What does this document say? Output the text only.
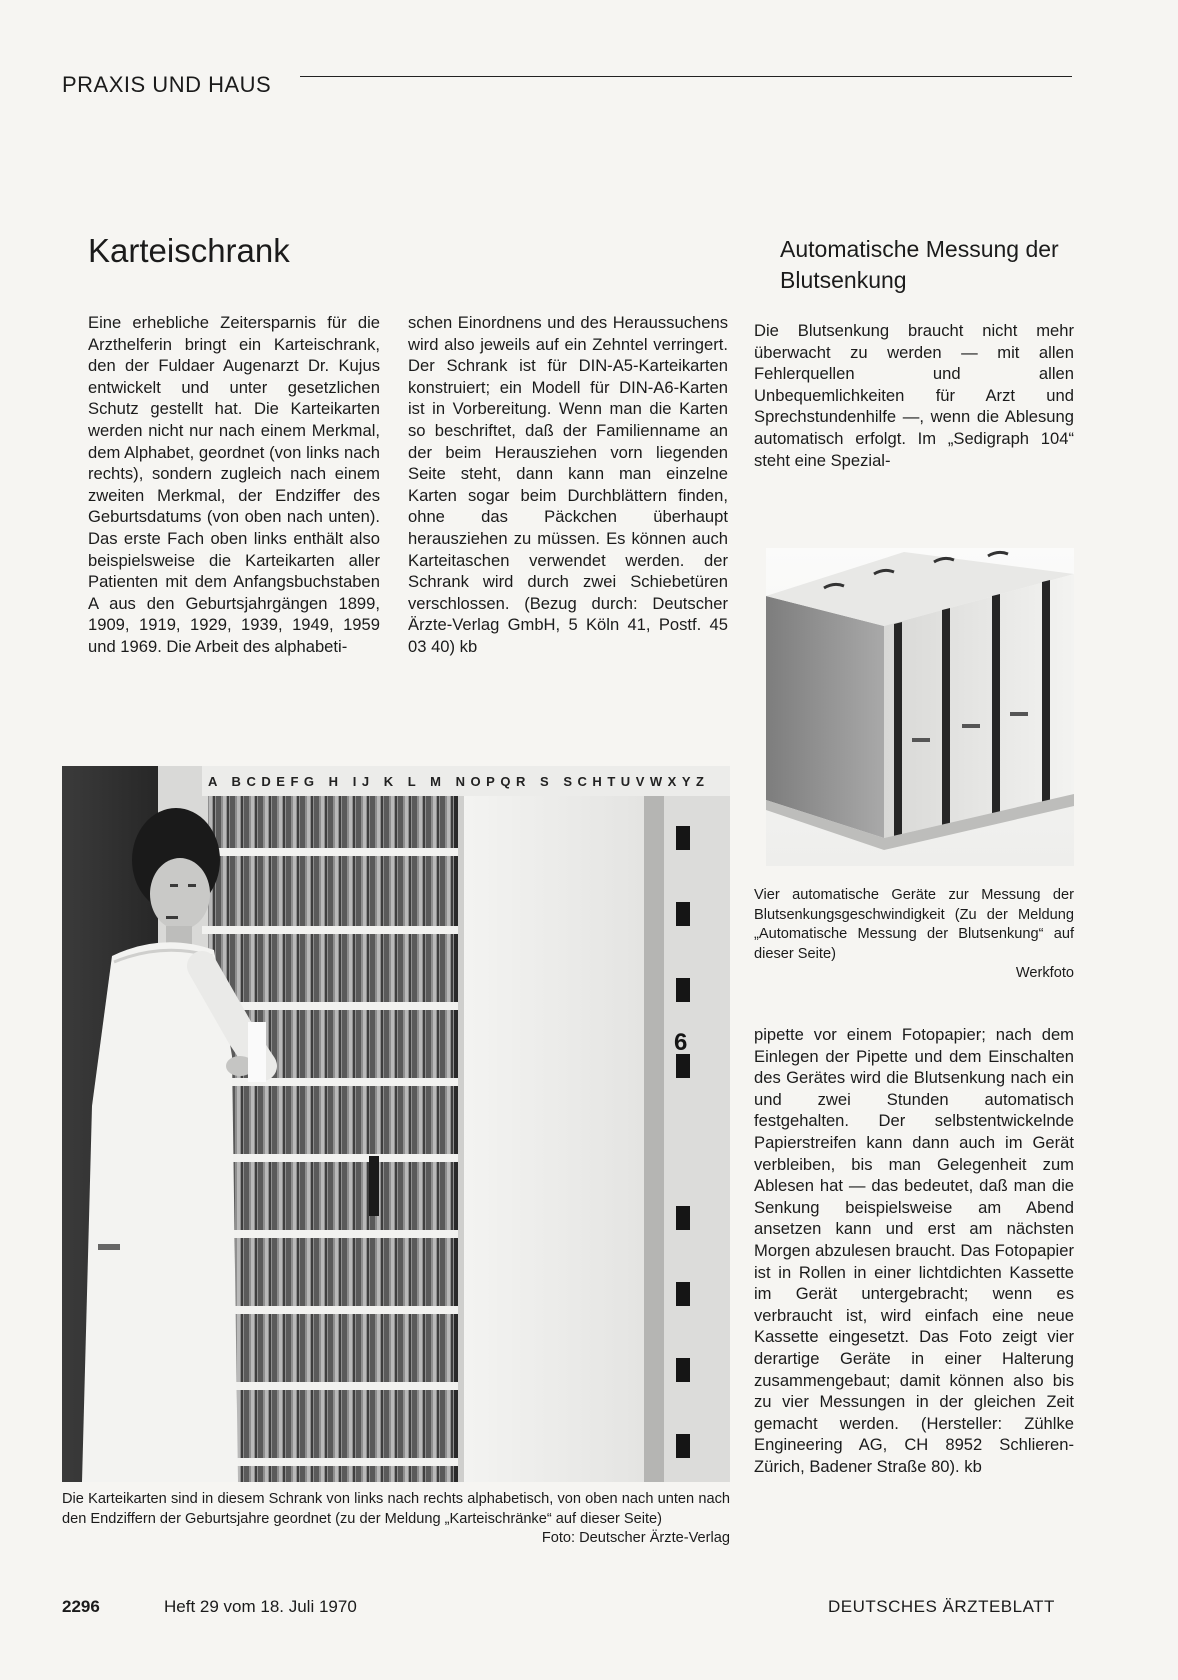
PRAXIS UND HAUS
Karteischrank

Eine erhebliche Zeitersparnis für die Arzthelferin bringt ein Karteischrank, den der Fuldaer Augenarzt Dr. Kujus entwickelt und unter gesetzlichen Schutz gestellt hat. Die Karteikarten werden nicht nur nach einem Merkmal, dem Alphabet, geordnet (von links nach rechts), sondern zugleich nach einem zweiten Merkmal, der Endziffer des Geburtsdatums (von oben nach unten). Das erste Fach oben links enthält also beispielsweise die Karteikarten aller Patienten mit dem Anfangsbuchstaben A aus den Geburtsjahrgängen 1899, 1909, 1919, 1929, 1939, 1949, 1959 und 1969. Die Arbeit des alphabeti-

schen Einordnens und des Heraussuchens wird also jeweils auf ein Zehntel verringert. Der Schrank ist für DIN-A5-Karteikarten konstruiert; ein Modell für DIN-A6-Karten ist in Vorbereitung. Wenn man die Karten so beschriftet, daß der Familienname an der beim Herausziehen vorn liegenden Seite steht, dann kann man einzelne Karten sogar beim Durchblättern finden, ohne das Päckchen überhaupt herausziehen zu müssen. Es können auch Karteitaschen verwendet werden. der Schrank wird durch zwei Schiebetüren verschlossen. (Bezug durch: Deutscher Ärzte-Verlag GmbH, 5 Köln 41, Postf. 45 03 40) kb

Automatische Messung der Blutsenkung

Die Blutsenkung braucht nicht mehr überwacht zu werden — mit allen Fehlerquellen und allen Unbequemlichkeiten für Arzt und Sprechstundenhilfe —, wenn die Ablesung automatisch erfolgt. Im „Sedigraph 104“ steht eine Spezial-

Vier automatische Geräte zur Messung der Blutsenkungsgeschwindigkeit (Zu der Meldung „Automatische Messung der Blutsenkung“ auf dieser Seite)
Werkfoto

pipette vor einem Fotopapier; nach dem Einlegen der Pipette und dem Einschalten des Gerätes wird die Blutsenkung nach ein und zwei Stunden automatisch festgehalten. Der selbstentwickelnde Papierstreifen kann dann auch im Gerät verbleiben, bis man Gelegenheit zum Ablesen hat — das bedeutet, daß man die Senkung beispielsweise am Abend ansetzen kann und erst am nächsten Morgen abzulesen braucht. Das Fotopapier ist in Rollen in einer lichtdichten Kassette im Gerät untergebracht; wenn es verbraucht ist, wird einfach eine neue Kassette eingesetzt. Das Foto zeigt vier derartige Geräte in einer Halterung zusammengebaut; damit können also bis zu vier Messungen in der gleichen Zeit gemacht werden. (Hersteller: Zühlke Engineering AG, CH 8952 Schlieren-Zürich, Badener Straße 80). kb

A BCDEFG H IJ K L M NOPQR S SCHTUVWXYZ
6

Die Karteikarten sind in diesem Schrank von links nach rechts alphabetisch, von oben nach unten nach den Endziffern der Geburtsjahre geordnet (zu der Meldung „Karteischränke“ auf dieser Seite)
Foto: Deutscher Ärzte-Verlag

2296	Heft 29 vom 18. Juli 1970	DEUTSCHES ÄRZTEBLATT
